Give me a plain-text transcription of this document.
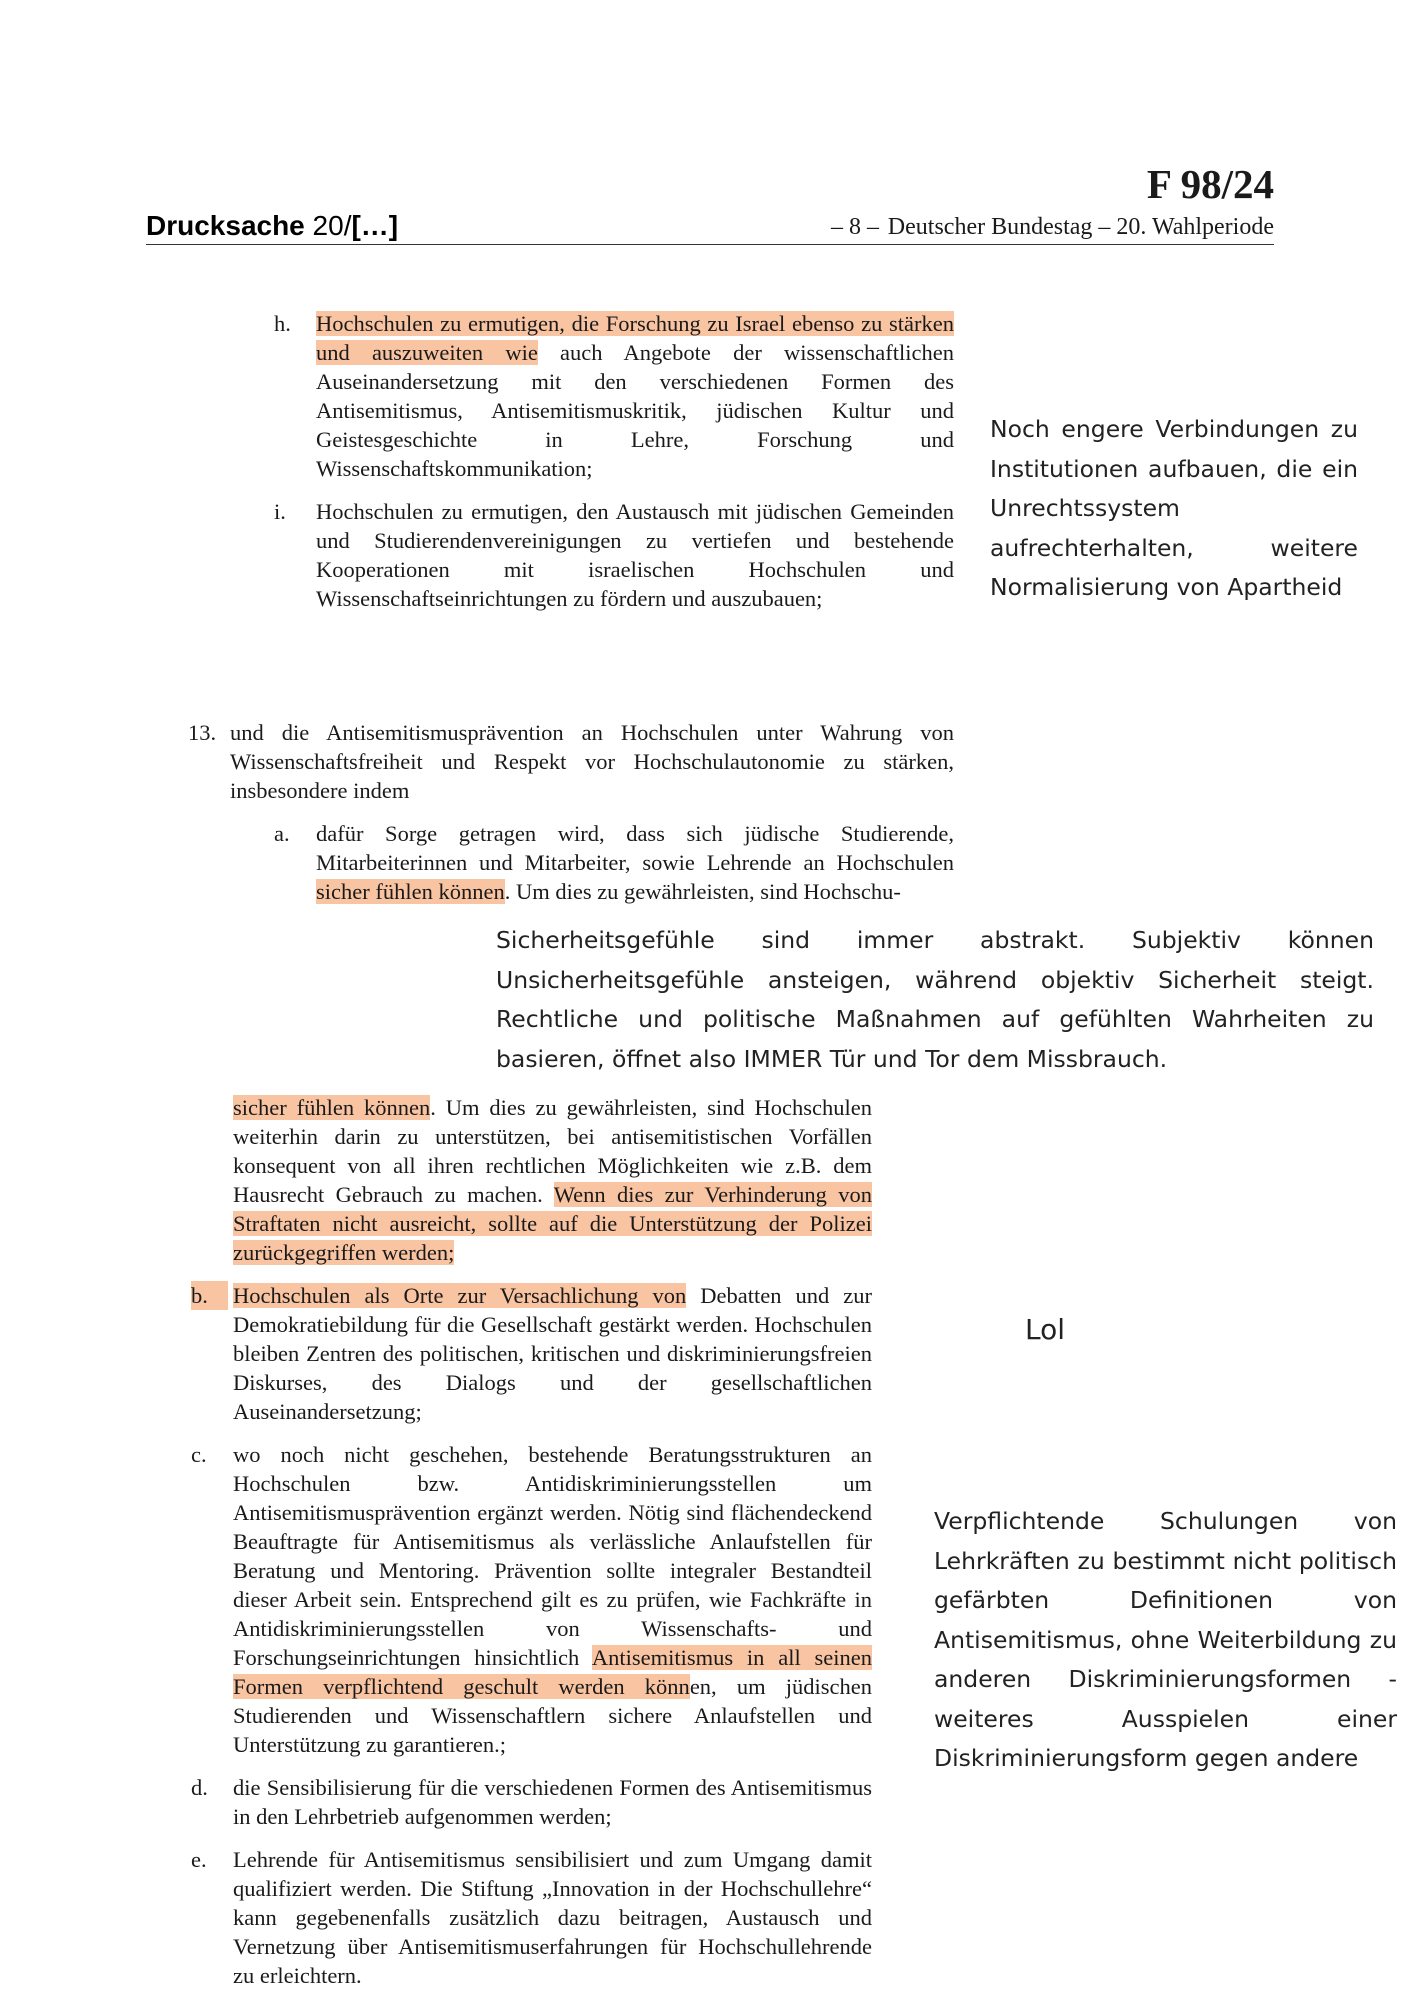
F 98/24
Drucksache 20/[…]	– 8 – Deutscher Bundestag – 20. Wahlperiode
h. Hochschulen zu ermutigen, die Forschung zu Israel ebenso zu stärken und auszuweiten wie auch Angebote der wissenschaftlichen Auseinandersetzung mit den verschiedenen Formen des Antisemitismus, Antisemitismuskritik, jüdischen Kultur und Geistesgeschichte in Lehre, Forschung und Wissenschaftskommunikation;

i. Hochschulen zu ermutigen, den Austausch mit jüdischen Gemeinden und Studierendenvereinigungen zu vertiefen und bestehende Kooperationen mit israelischen Hochschulen und Wissenschaftseinrichtungen zu fördern und auszubauen;

13. und die Antisemitismusprävention an Hochschulen unter Wahrung von Wissenschaftsfreiheit und Respekt vor Hochschulautonomie zu stärken, insbesondere indem

a. dafür Sorge getragen wird, dass sich jüdische Studierende, Mitarbeiterinnen und Mitarbeiter, sowie Lehrende an Hochschulen sicher fühlen können. Um dies zu gewährleisten, sind Hochschu-

sicher fühlen können. Um dies zu gewährleisten, sind Hochschulen weiterhin darin zu unterstützen, bei antisemitistischen Vorfällen konsequent von all ihren rechtlichen Möglichkeiten wie z.B. dem Hausrecht Gebrauch zu machen. Wenn dies zur Verhinderung von Straftaten nicht ausreicht, sollte auf die Unterstützung der Polizei zurückgegriffen werden;

b.	Hochschulen als Orte zur Versachlichung von Debatten und zur Demokratiebildung für die Gesellschaft gestärkt werden. Hochschulen bleiben Zentren des politischen, kritischen und diskriminierungsfreien Diskurses, des Dialogs und der gesellschaftlichen Auseinandersetzung;

c. wo noch nicht geschehen, bestehende Beratungsstrukturen an Hochschulen bzw. Antidiskriminierungsstellen um Antisemitismusprävention ergänzt werden. Nötig sind flächendeckend Beauftragte für Antisemitismus als verlässliche Anlaufstellen für Beratung und Mentoring. Prävention sollte integraler Bestandteil dieser Arbeit sein. Entsprechend gilt es zu prüfen, wie Fachkräfte in Antidiskriminierungsstellen von Wissenschafts- und Forschungseinrichtungen hinsichtlich Antisemitismus in all seinen Formen verpflichtend geschult werden können, um jüdischen Studierenden und Wissenschaftlern sichere Anlaufstellen und Unterstützung zu garantieren.;

d. die Sensibilisierung für die verschiedenen Formen des Antisemitismus in den Lehrbetrieb aufgenommen werden;

e. Lehrende für Antisemitismus sensibilisiert und zum Umgang damit qualifiziert werden. Die Stiftung „Innovation in der Hochschullehre“ kann gegebenenfalls zusätzlich dazu beitragen, Austausch und Vernetzung über Antisemitismuserfahrungen für Hochschullehrende zu erleichtern.

Noch engere Verbindungen zu Institutionen aufbauen, die ein Unrechtssystem aufrechterhalten, weitere Normalisierung von Apartheid

Sicherheitsgefühle sind immer abstrakt. Subjektiv können Unsicherheitsgefühle ansteigen, während objektiv Sicherheit steigt. Rechtliche und politische Maßnahmen auf gefühlten Wahrheiten zu basieren, öffnet also IMMER Tür und Tor dem Missbrauch.

Lol

Verpflichtende Schulungen von Lehrkräften zu bestimmt nicht politisch gefärbten Definitionen von Antisemitismus, ohne Weiterbildung zu anderen Diskriminierungsformen - weiteres Ausspielen einer Diskriminierungsform gegen andere
